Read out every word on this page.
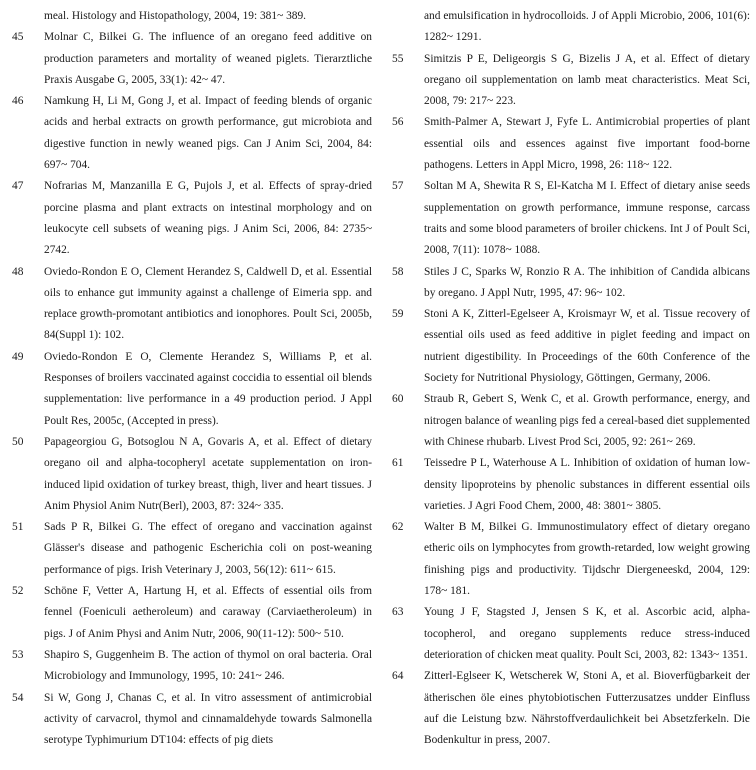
meal. Histology and Histopathology, 2004, 19: 381~ 389.
45	Molnar C, Bilkei G. The influence of an oregano feed additive on production parameters and mortality of weaned piglets. Tierarztliche Praxis Ausgabe G, 2005, 33(1): 42~ 47.
46	Namkung H, Li M, Gong J, et al. Impact of feeding blends of organic acids and herbal extracts on growth performance, gut microbiota and digestive function in newly weaned pigs. Can J Anim Sci, 2004, 84: 697~ 704.
47	Nofrarias M, Manzanilla E G, Pujols J, et al. Effects of spray-dried porcine plasma and plant extracts on intestinal morphology and on leukocyte cell subsets of weaning pigs. J Anim Sci, 2006, 84: 2735~ 2742.
48	Oviedo-Rondon E O, Clement Herandez S, Caldwell D, et al. Essential oils to enhance gut immunity against a challenge of Eimeria spp. and replace growth-promotant antibiotics and ionophores. Poult Sci, 2005b, 84(Suppl 1): 102.
49	Oviedo-Rondon E O, Clemente Herandez S, Williams P, et al. Responses of broilers vaccinated against coccidia to essential oil blends supplementation: live performance in a 49 production period. J Appl Poult Res, 2005c, (Accepted in press).
50	Papageorgiou G, Botsoglou N A, Govaris A, et al. Effect of dietary oregano oil and alpha-tocopheryl acetate supplementation on iron-induced lipid oxidation of turkey breast, thigh, liver and heart tissues. J Anim Physiol Anim Nutr(Berl), 2003, 87: 324~ 335.
51	Sads P R, Bilkei G. The effect of oregano and vaccination against Glässer's disease and pathogenic Escherichia coli on post-weaning performance of pigs. Irish Veterinary J, 2003, 56(12): 611~ 615.
52	Schöne F, Vetter A, Hartung H, et al. Effects of essential oils from fennel (Foeniculi aetheroleum) and caraway (Carviaetheroleum) in pigs. J of Anim Physi and Anim Nutr, 2006, 90(11-12): 500~ 510.
53	Shapiro S, Guggenheim B. The action of thymol on oral bacteria. Oral Microbiology and Immunology, 1995, 10: 241~ 246.
54	Si W, Gong J, Chanas C, et al. In vitro assessment of antimicrobial activity of carvacrol, thymol and cinnamaldehyde towards Salmonella serotype Typhimurium DT104: effects of pig diets
and emulsification in hydrocolloids. J of Appli Microbio, 2006, 101(6): 1282~ 1291.
55	Simitzis P E, Deligeorgis S G, Bizelis J A, et al. Effect of dietary oregano oil supplementation on lamb meat characteristics. Meat Sci, 2008, 79: 217~ 223.
56	Smith-Palmer A, Stewart J, Fyfe L. Antimicrobial properties of plant essential oils and essences against five important food-borne pathogens. Letters in Appl Micro, 1998, 26: 118~ 122.
57	Soltan M A, Shewita R S, El-Katcha M I. Effect of dietary anise seeds supplementation on growth performance, immune response, carcass traits and some blood parameters of broiler chickens. Int J of Poult Sci, 2008, 7(11): 1078~ 1088.
58	Stiles J C, Sparks W, Ronzio R A. The inhibition of Candida albicans by oregano. J Appl Nutr, 1995, 47: 96~ 102.
59	Stoni A K, Zitterl-Egelseer A, Kroismayr W, et al. Tissue recovery of essential oils used as feed additive in piglet feeding and impact on nutrient digestibility. In Proceedings of the 60th Conference of the Society for Nutritional Physiology, Göttingen, Germany, 2006.
60	Straub R, Gebert S, Wenk C, et al. Growth performance, energy, and nitrogen balance of weanling pigs fed a cereal-based diet supplemented with Chinese rhubarb. Livest Prod Sci, 2005, 92: 261~ 269.
61	Teissedre P L, Waterhouse A L. Inhibition of oxidation of human low-density lipoproteins by phenolic substances in different essential oils varieties. J Agri Food Chem, 2000, 48: 3801~ 3805.
62	Walter B M, Bilkei G. Immunostimulatory effect of dietary oregano etheric oils on lymphocytes from growth-retarded, low weight growing finishing pigs and productivity. Tijdschr Diergeneeskd, 2004, 129: 178~ 181.
63	Young J F, Stagsted J, Jensen S K, et al. Ascorbic acid, alpha-tocopherol, and oregano supplements reduce stress-induced deterioration of chicken meat quality. Poult Sci, 2003, 82: 1343~ 1351.
64	Zitterl-Eglseer K, Wetscherek W, Stoni A, et al. Bioverfügbarkeit der ätherischen öle eines phytobiotischen Futterzusatzes undder Einfluss auf die Leistung bzw. Nährstoffverdaulichkeit bei Absetzferkeln. Die Bodenkultur in press, 2007.
